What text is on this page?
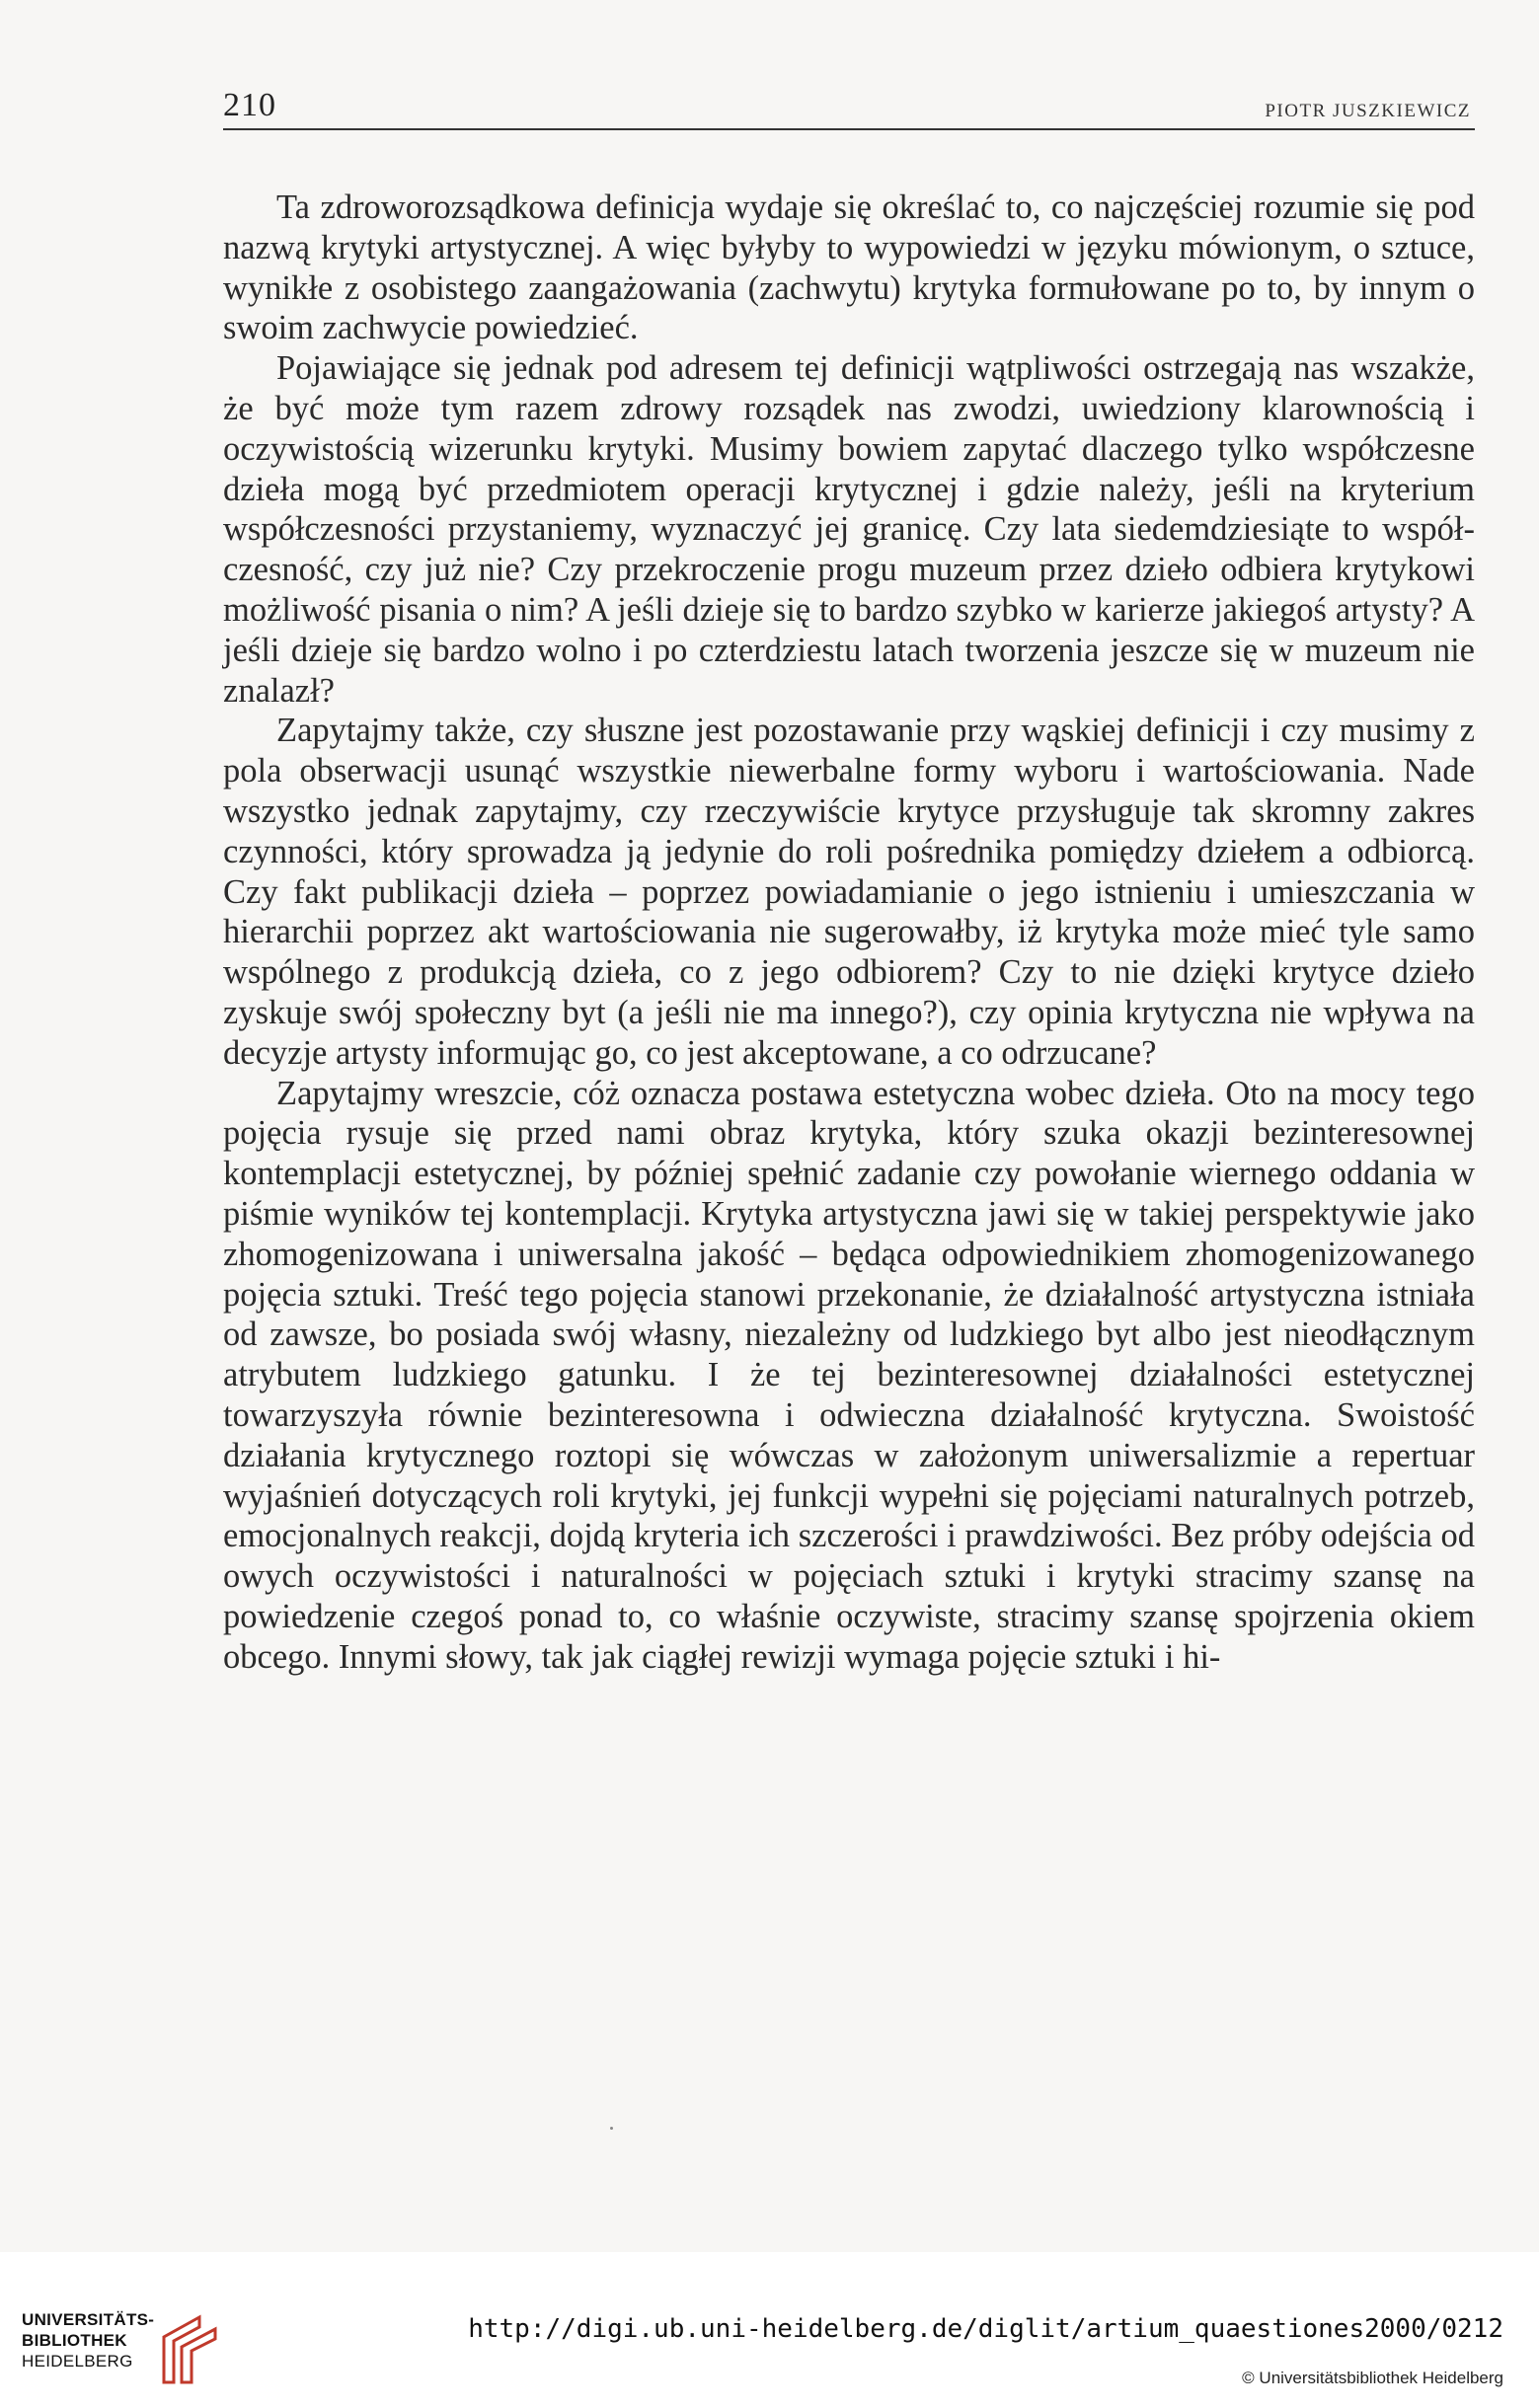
210	PIOTR JUSZKIEWICZ

Ta zdroworozsądkowa definicja wydaje się określać to, co najczęściej rozumie się pod nazwą krytyki artystycznej. A więc byłyby to wypowiedzi w języku mówionym, o sztuce, wynikłe z osobistego zaangażowania (zachwytu) krytyka formułowane po to, by innym o swoim zachwycie powiedzieć.

Pojawiające się jednak pod adresem tej definicji wątpliwości ostrzegają nas wszakże, że być może tym razem zdrowy rozsądek nas zwodzi, uwiedziony klarownością i oczywistością wizerunku krytyki. Musimy bowiem zapytać dlaczego tylko współczesne dzieła mogą być przedmiotem operacji krytycznej i gdzie należy, jeśli na kryterium współczesności przystaniemy, wyznaczyć jej granicę. Czy lata siedemdziesiąte to współczesność, czy już nie? Czy przekroczenie progu muzeum przez dzieło odbiera krytykowi możliwość pisania o nim? A jeśli dzieje się to bardzo szybko w karierze jakiegoś artysty? A jeśli dzieje się bardzo wolno i po czterdziestu latach tworzenia jeszcze się w muzeum nie znalazł?

Zapytajmy także, czy słuszne jest pozostawanie przy wąskiej definicji i czy musimy z pola obserwacji usunąć wszystkie niewerbalne formy wyboru i wartościowania. Nade wszystko jednak zapytajmy, czy rzeczywiście krytyce przysługuje tak skromny zakres czynności, który sprowadza ją jedynie do roli pośrednika pomiędzy dziełem a odbiorcą. Czy fakt publikacji dzieła – poprzez powiadamianie o jego istnieniu i umieszczania w hierarchii poprzez akt wartościowania nie sugerowałby, iż krytyka może mieć tyle samo wspólnego z produkcją dzieła, co z jego odbiorem? Czy to nie dzięki krytyce dzieło zyskuje swój społeczny byt (a jeśli nie ma innego?), czy opinia krytyczna nie wpływa na decyzje artysty informując go, co jest akceptowane, a co odrzucane?

Zapytajmy wreszcie, cóż oznacza postawa estetyczna wobec dzieła. Oto na mocy tego pojęcia rysuje się przed nami obraz krytyka, który szuka okazji bezinteresownej kontemplacji estetycznej, by później spełnić zadanie czy powołanie wiernego oddania w piśmie wyników tej kontemplacji. Krytyka artystyczna jawi się w takiej perspektywie jako zhomogenizowana i uniwersalna jakość – będąca odpowiednikiem zhomogenizowanego pojęcia sztuki. Treść tego pojęcia stanowi przekonanie, że działalność artystyczna istniała od zawsze, bo posiada swój własny, niezależny od ludzkiego byt albo jest nieodłącznym atrybutem ludzkiego gatunku. I że tej bezinteresownej działalności estetycznej towarzyszyła równie bezinteresowna i odwieczna działalność krytyczna. Swoistość działania krytycznego roztopi się wówczas w założonym uniwersalizmie a repertuar wyjaśnień dotyczących roli krytyki, jej funkcji wypełni się pojęciami naturalnych potrzeb, emocjonalnych reakcji, dojdą kryteria ich szczerości i prawdziwości. Bez próby odejścia od owych oczywistości i naturalności w pojęciach sztuki i krytyki stracimy szansę na powiedzenie czegoś ponad to, co właśnie oczywiste, stracimy szansę spojrzenia okiem obcego. Innymi słowy, tak jak ciągłej rewizji wymaga pojęcie sztuki i hi-

UNIVERSITÄTS-
BIBLIOTHEK
HEIDELBERG
http://digi.ub.uni-heidelberg.de/diglit/artium_quaestiones2000/0212
© Universitätsbibliothek Heidelberg
